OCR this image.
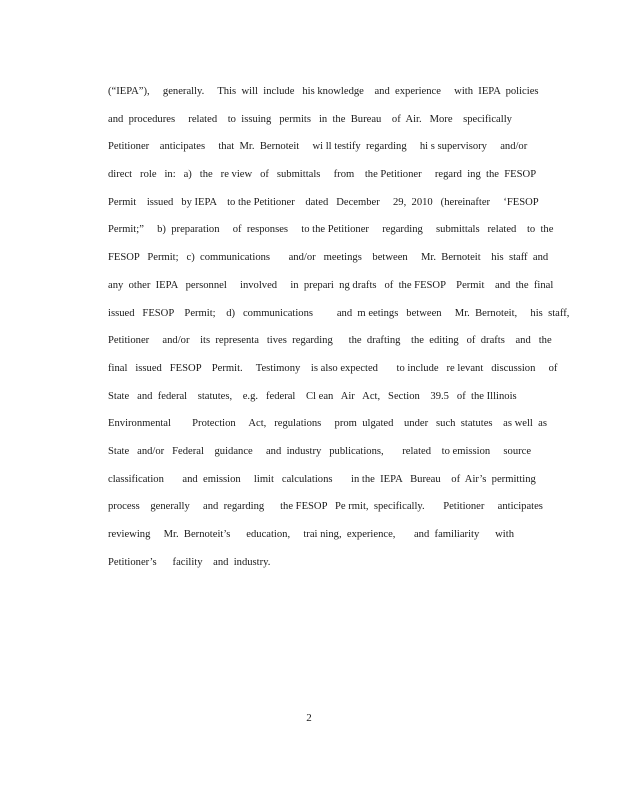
(“IEPA”),     generally.     This  will  include   his knowledge    and  experience     with  IEPA  policies
and  procedures     related    to  issuing   permits   in  the  Bureau    of  Air.   More    specifically
Petitioner    anticipates     that  Mr.  Bernoteit     wi ll testify  regarding     hi s supervisory     and/or
direct   role   in:   a)   the   re view   of   submittals     from    the Petitioner     regard  ing  the  FESOP
Permit    issued   by IEPA    to the Petitioner    dated   December     29,  2010   (hereinafter     ‘FESOP
Permit;”     b)  preparation     of  responses     to the Petitioner     regarding     submittals   related    to  the
FESOP   Permit;   c)  communications       and/or   meetings    between     Mr.  Bernoteit    his  staff  and
any  other  IEPA   personnel     involved     in  prepari  ng drafts   of  the FESOP    Permit    and  the  final
issued   FESOP    Permit;    d)   communications         and  m eetings   between     Mr.  Bernoteit,     his  staff,
Petitioner     and/or    its  representa   tives  regarding      the  drafting    the  editing   of  drafts    and   the
final   issued   FESOP    Permit.     Testimony    is also expected       to include   re levant   discussion     of
State   and  federal    statutes,    e.g.   federal    Cl ean   Air   Act,   Section    39.5   of  the Illinois
Environmental        Protection     Act,   regulations     prom  ulgated    under   such  statutes    as well  as
State   and/or   Federal    guidance     and  industry   publications,       related    to emission     source
classification       and  emission     limit   calculations       in the  IEPA   Bureau    of  Air’s  permitting
process    generally     and  regarding      the FESOP   Pe rmit,  specifically.       Petitioner     anticipates
reviewing     Mr.  Bernoteit’s      education,     trai ning,  experience,       and  familiarity      with
Petitioner’s      facility    and  industry.
2
